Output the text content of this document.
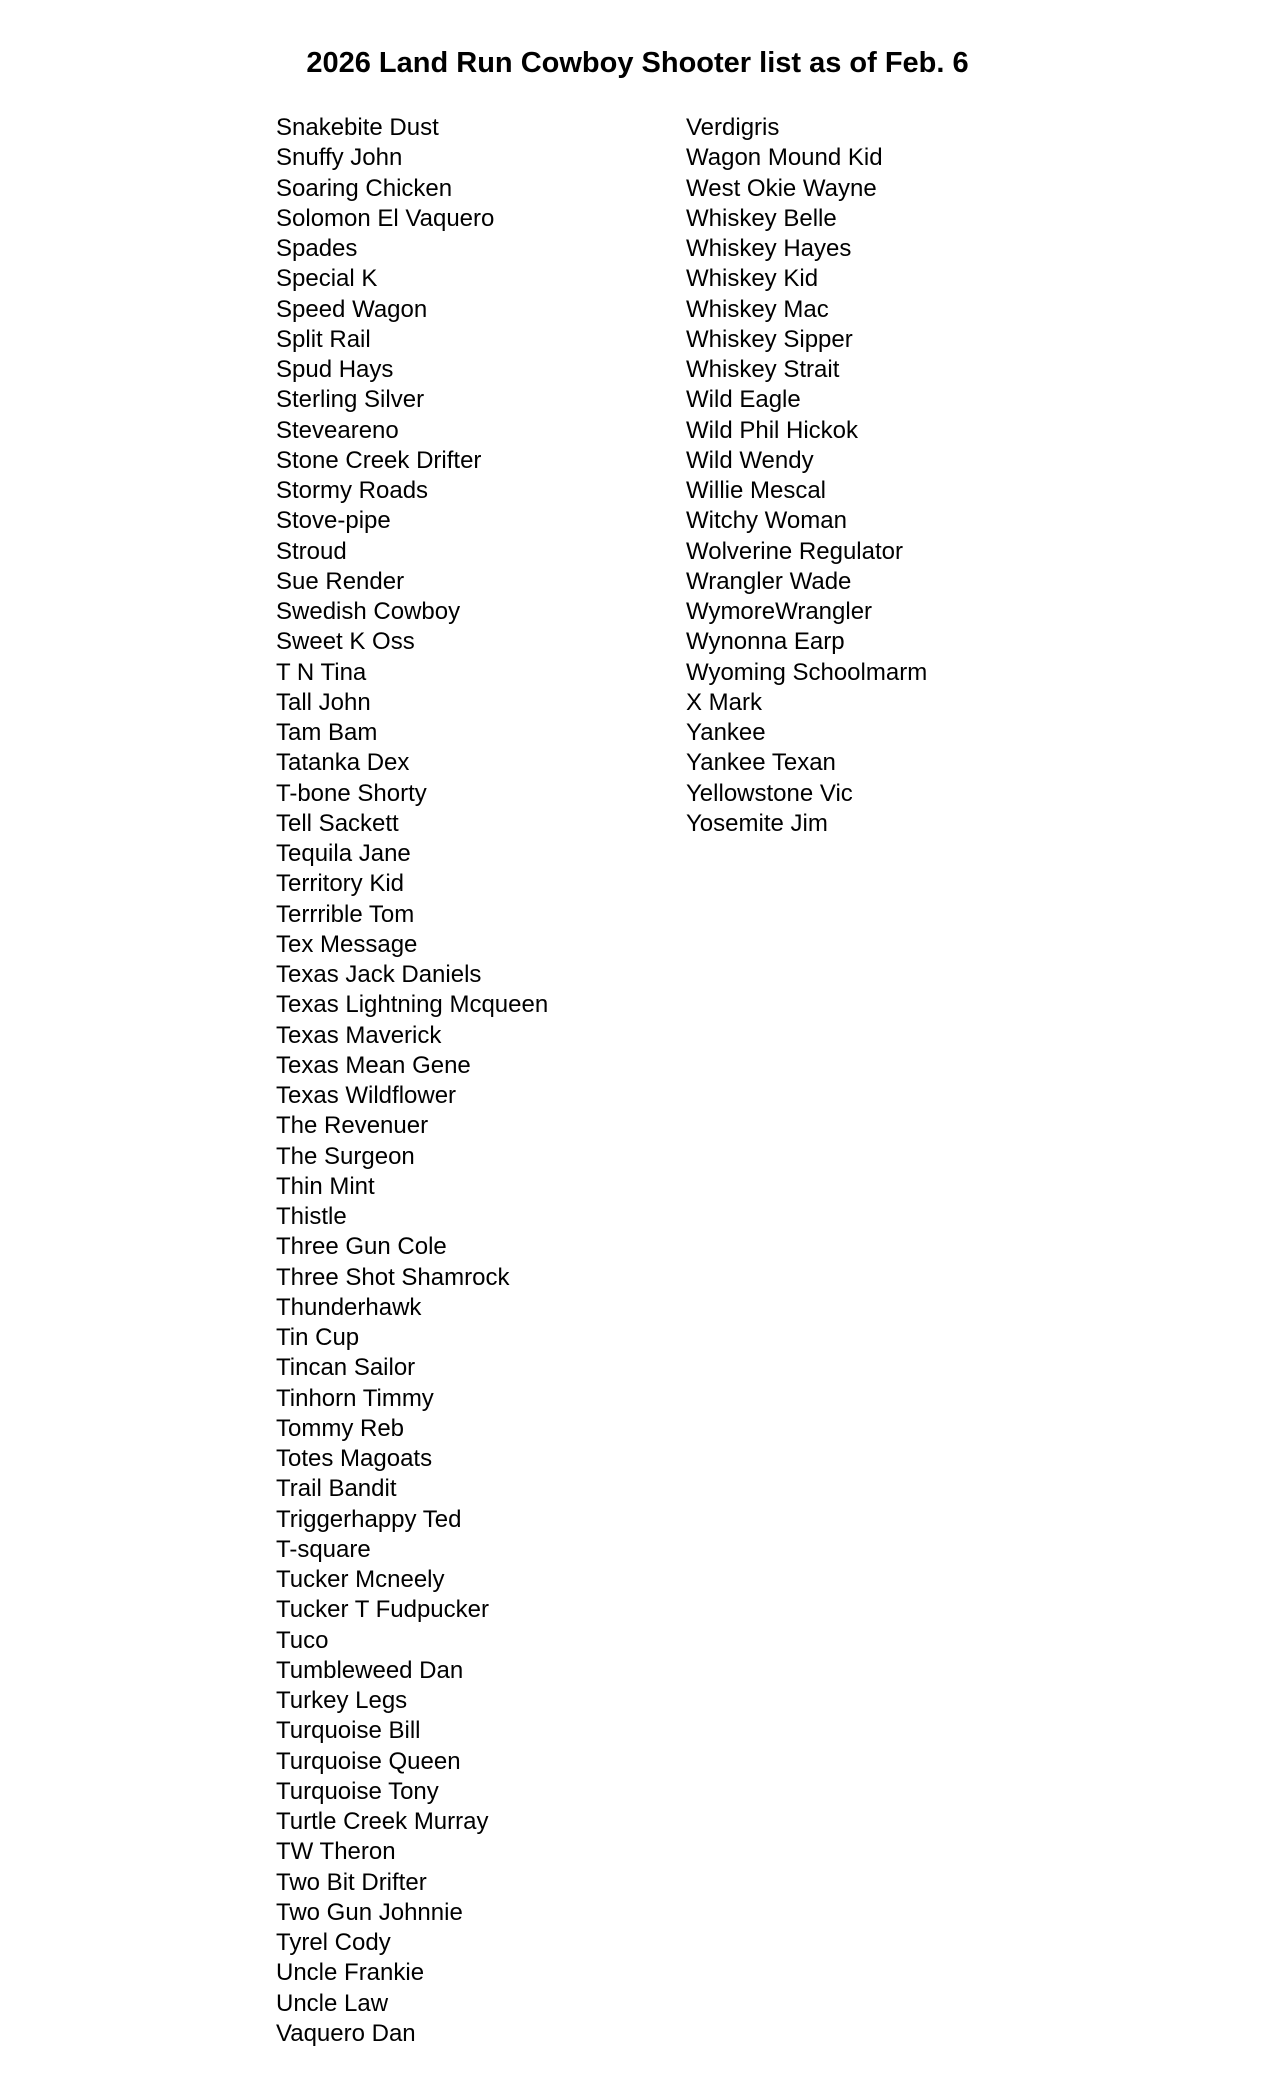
2026 Land Run Cowboy Shooter list as of Feb. 6
Snakebite Dust
Snuffy John
Soaring Chicken
Solomon El Vaquero
Spades
Special K
Speed Wagon
Split Rail
Spud Hays
Sterling Silver
Steveareno
Stone Creek Drifter
Stormy Roads
Stove-pipe
Stroud
Sue Render
Swedish Cowboy
Sweet K Oss
T N Tina
Tall John
Tam Bam
Tatanka Dex
T-bone Shorty
Tell Sackett
Tequila Jane
Territory Kid
Terrrible Tom
Tex Message
Texas Jack Daniels
Texas Lightning Mcqueen
Texas Maverick
Texas Mean Gene
Texas Wildflower
The Revenuer
The Surgeon
Thin Mint
Thistle
Three Gun Cole
Three Shot Shamrock
Thunderhawk
Tin Cup
Tincan Sailor
Tinhorn Timmy
Tommy Reb
Totes Magoats
Trail Bandit
Triggerhappy Ted
T-square
Tucker Mcneely
Tucker T Fudpucker
Tuco
Tumbleweed Dan
Turkey Legs
Turquoise Bill
Turquoise Queen
Turquoise Tony
Turtle Creek Murray
TW Theron
Two Bit Drifter
Two Gun Johnnie
Tyrel Cody
Uncle Frankie
Uncle Law
Vaquero Dan
Verdigris
Wagon Mound Kid
West Okie Wayne
Whiskey Belle
Whiskey Hayes
Whiskey Kid
Whiskey Mac
Whiskey Sipper
Whiskey Strait
Wild Eagle
Wild Phil Hickok
Wild Wendy
Willie Mescal
Witchy Woman
Wolverine Regulator
Wrangler Wade
WymoreWrangler
Wynonna Earp
Wyoming Schoolmarm
X Mark
Yankee
Yankee Texan
Yellowstone Vic
Yosemite Jim
